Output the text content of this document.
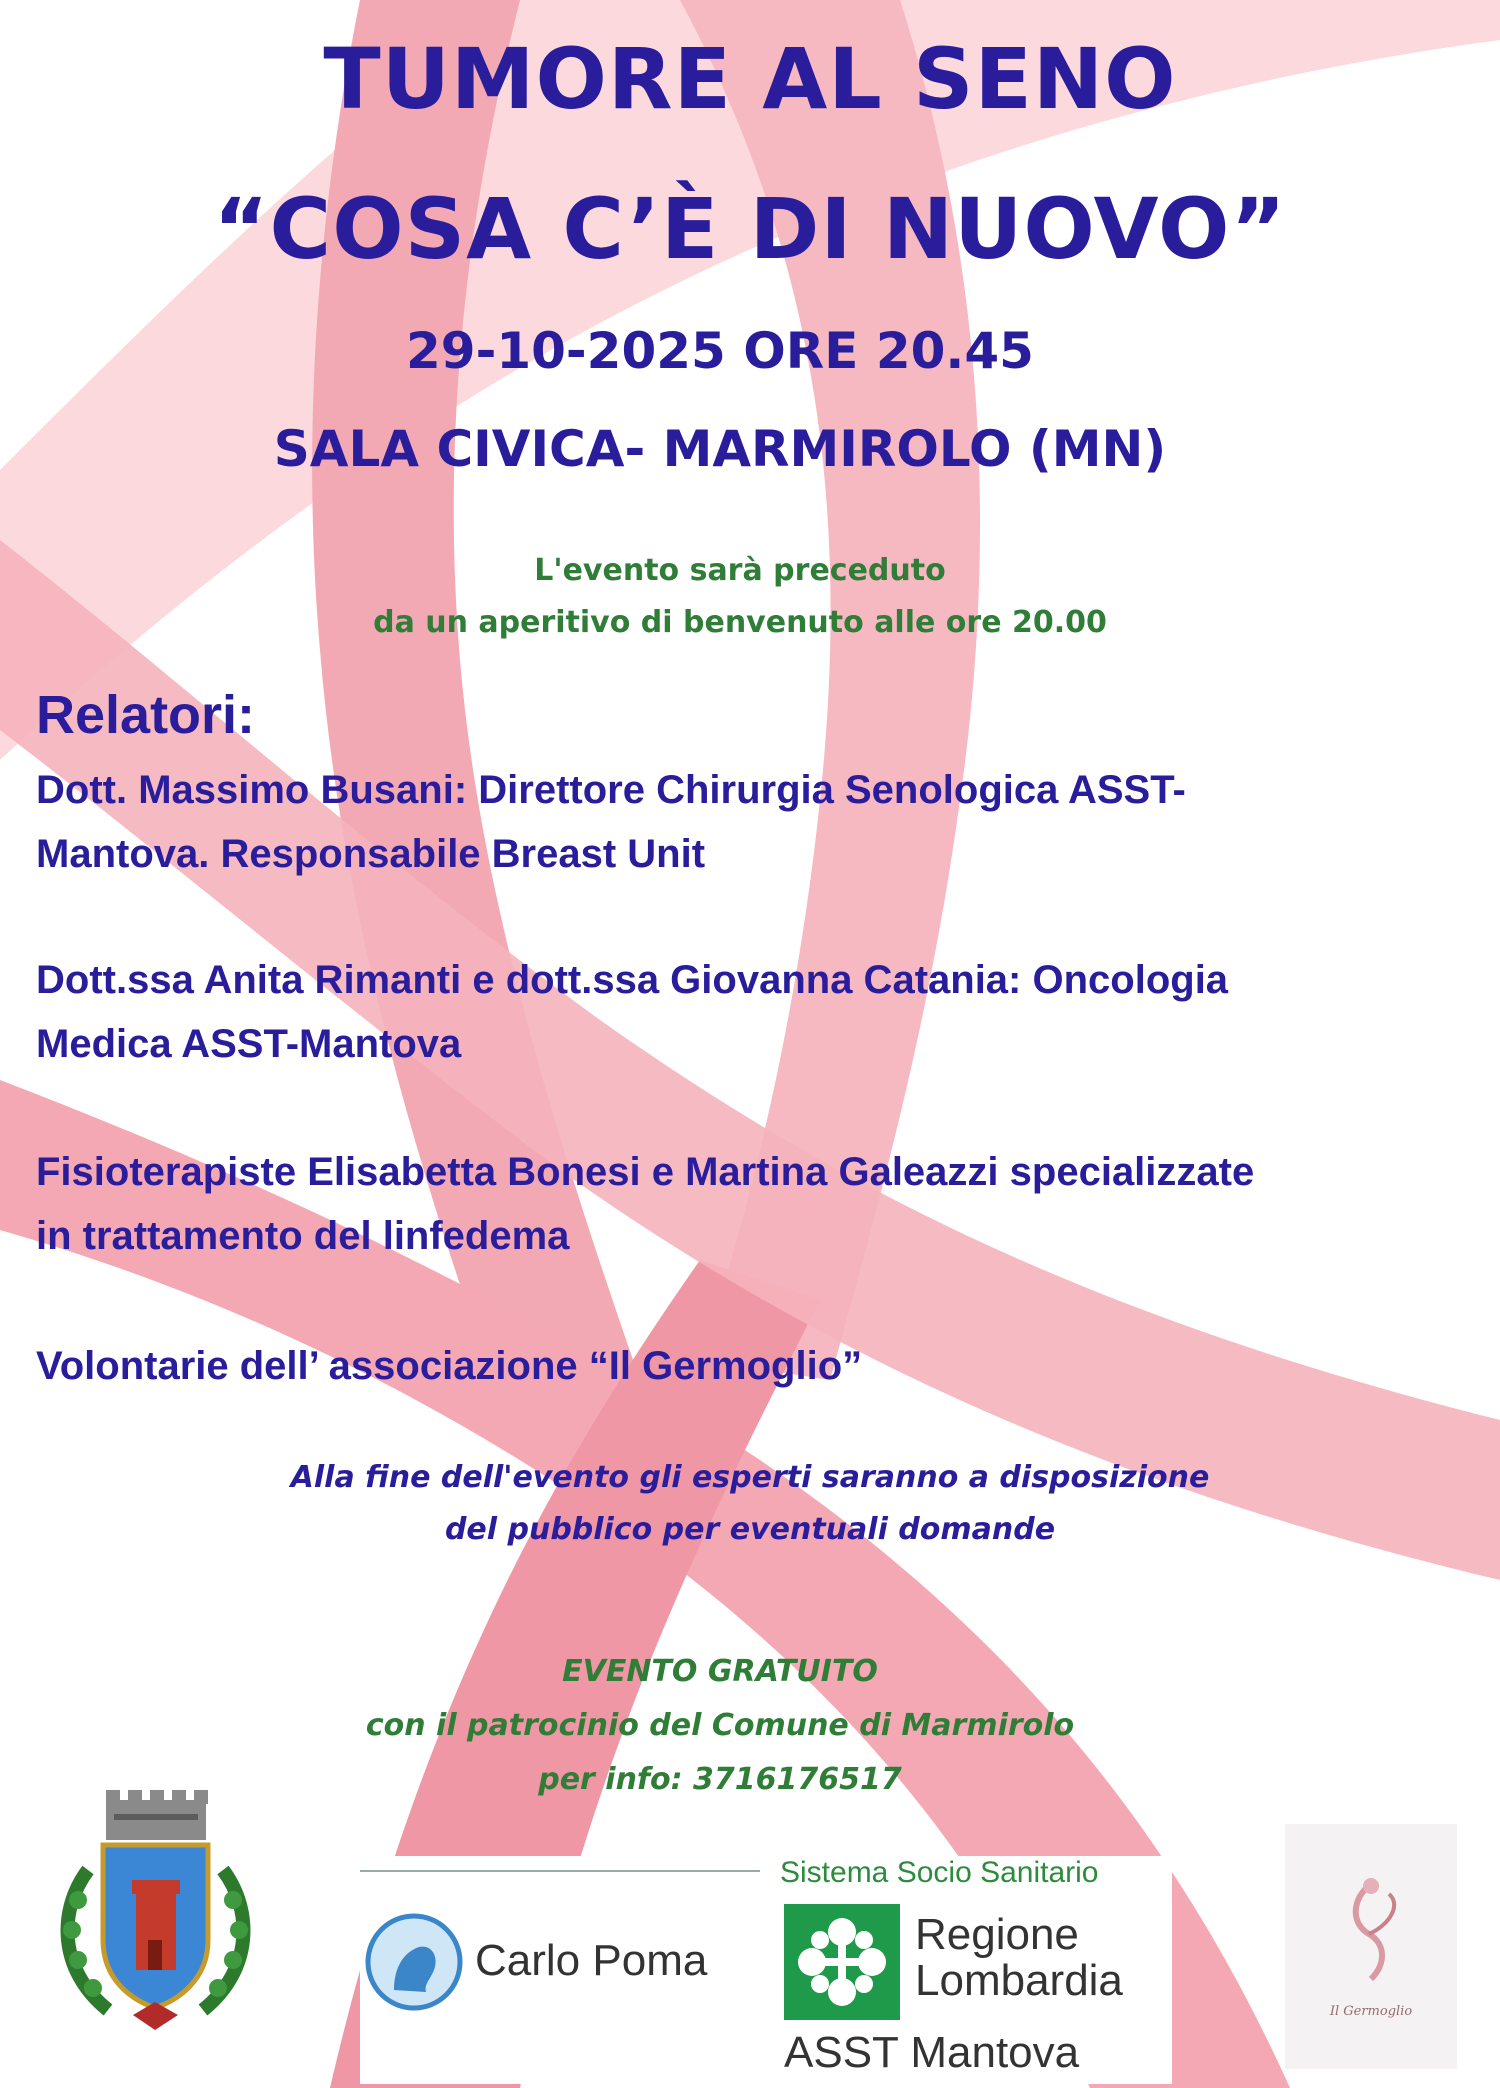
TUMORE AL SENO
“COSA C’È DI NUOVO”
29-10-2025 ORE 20.45
SALA CIVICA- MARMIROLO (MN)
L'evento sarà preceduto
da un aperitivo di benvenuto alle ore 20.00
Relatori:
Dott. Massimo Busani: Direttore Chirurgia Senologica ASST-
Mantova. Responsabile Breast Unit
Dott.ssa Anita Rimanti e dott.ssa Giovanna Catania: Oncologia
Medica ASST-Mantova
Fisioterapiste Elisabetta Bonesi e Martina Galeazzi specializzate
in trattamento del linfedema
Volontarie dell’ associazione “Il Germoglio”
Alla fine dell'evento gli esperti saranno a disposizione
del pubblico per eventuali domande
EVENTO GRATUITO
con il patrocinio del Comune di Marmirolo
per info: 3716176517
Sistema Socio Sanitario
Carlo Poma
Regione
Lombardia
ASST Mantova
Il Germoglio
